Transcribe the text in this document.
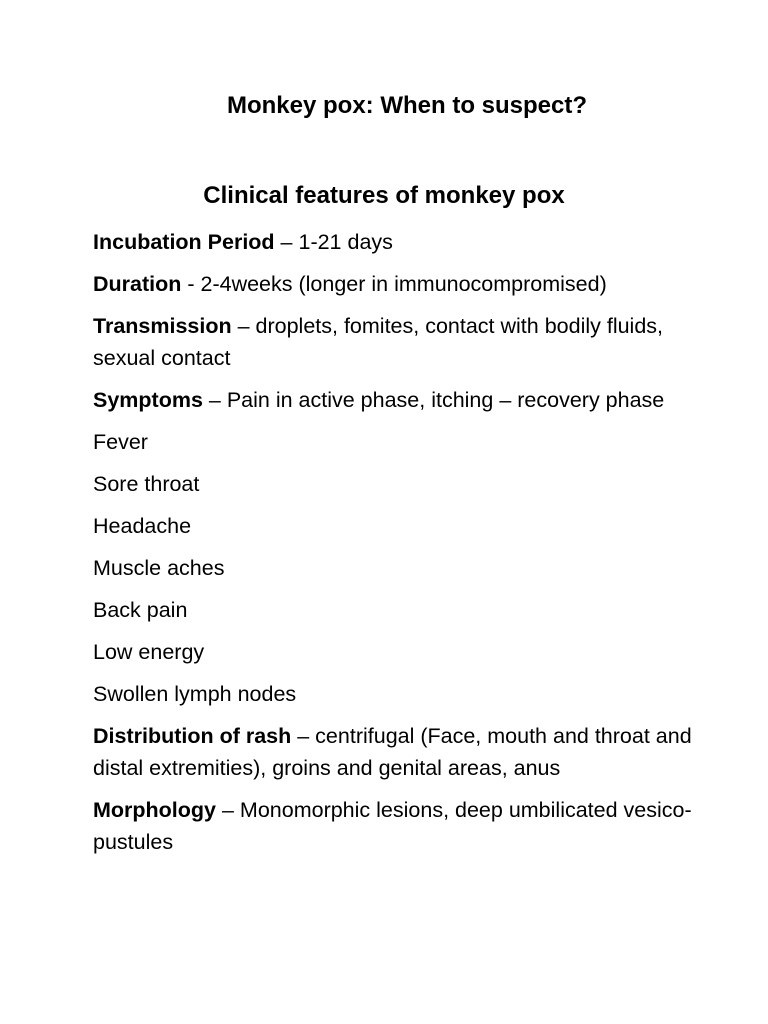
Monkey pox: When to suspect?
Clinical features of monkey pox

Incubation Period – 1-21 days

Duration - 2-4weeks (longer in immunocompromised)

Transmission – droplets, fomites, contact with bodily fluids, sexual contact

Symptoms – Pain in active phase, itching – recovery phase

Fever

Sore throat

Headache

Muscle aches

Back pain

Low energy

Swollen lymph nodes

Distribution of rash – centrifugal (Face, mouth and throat and distal extremities), groins and genital areas, anus

Morphology – Monomorphic lesions, deep umbilicated vesico-pustules
